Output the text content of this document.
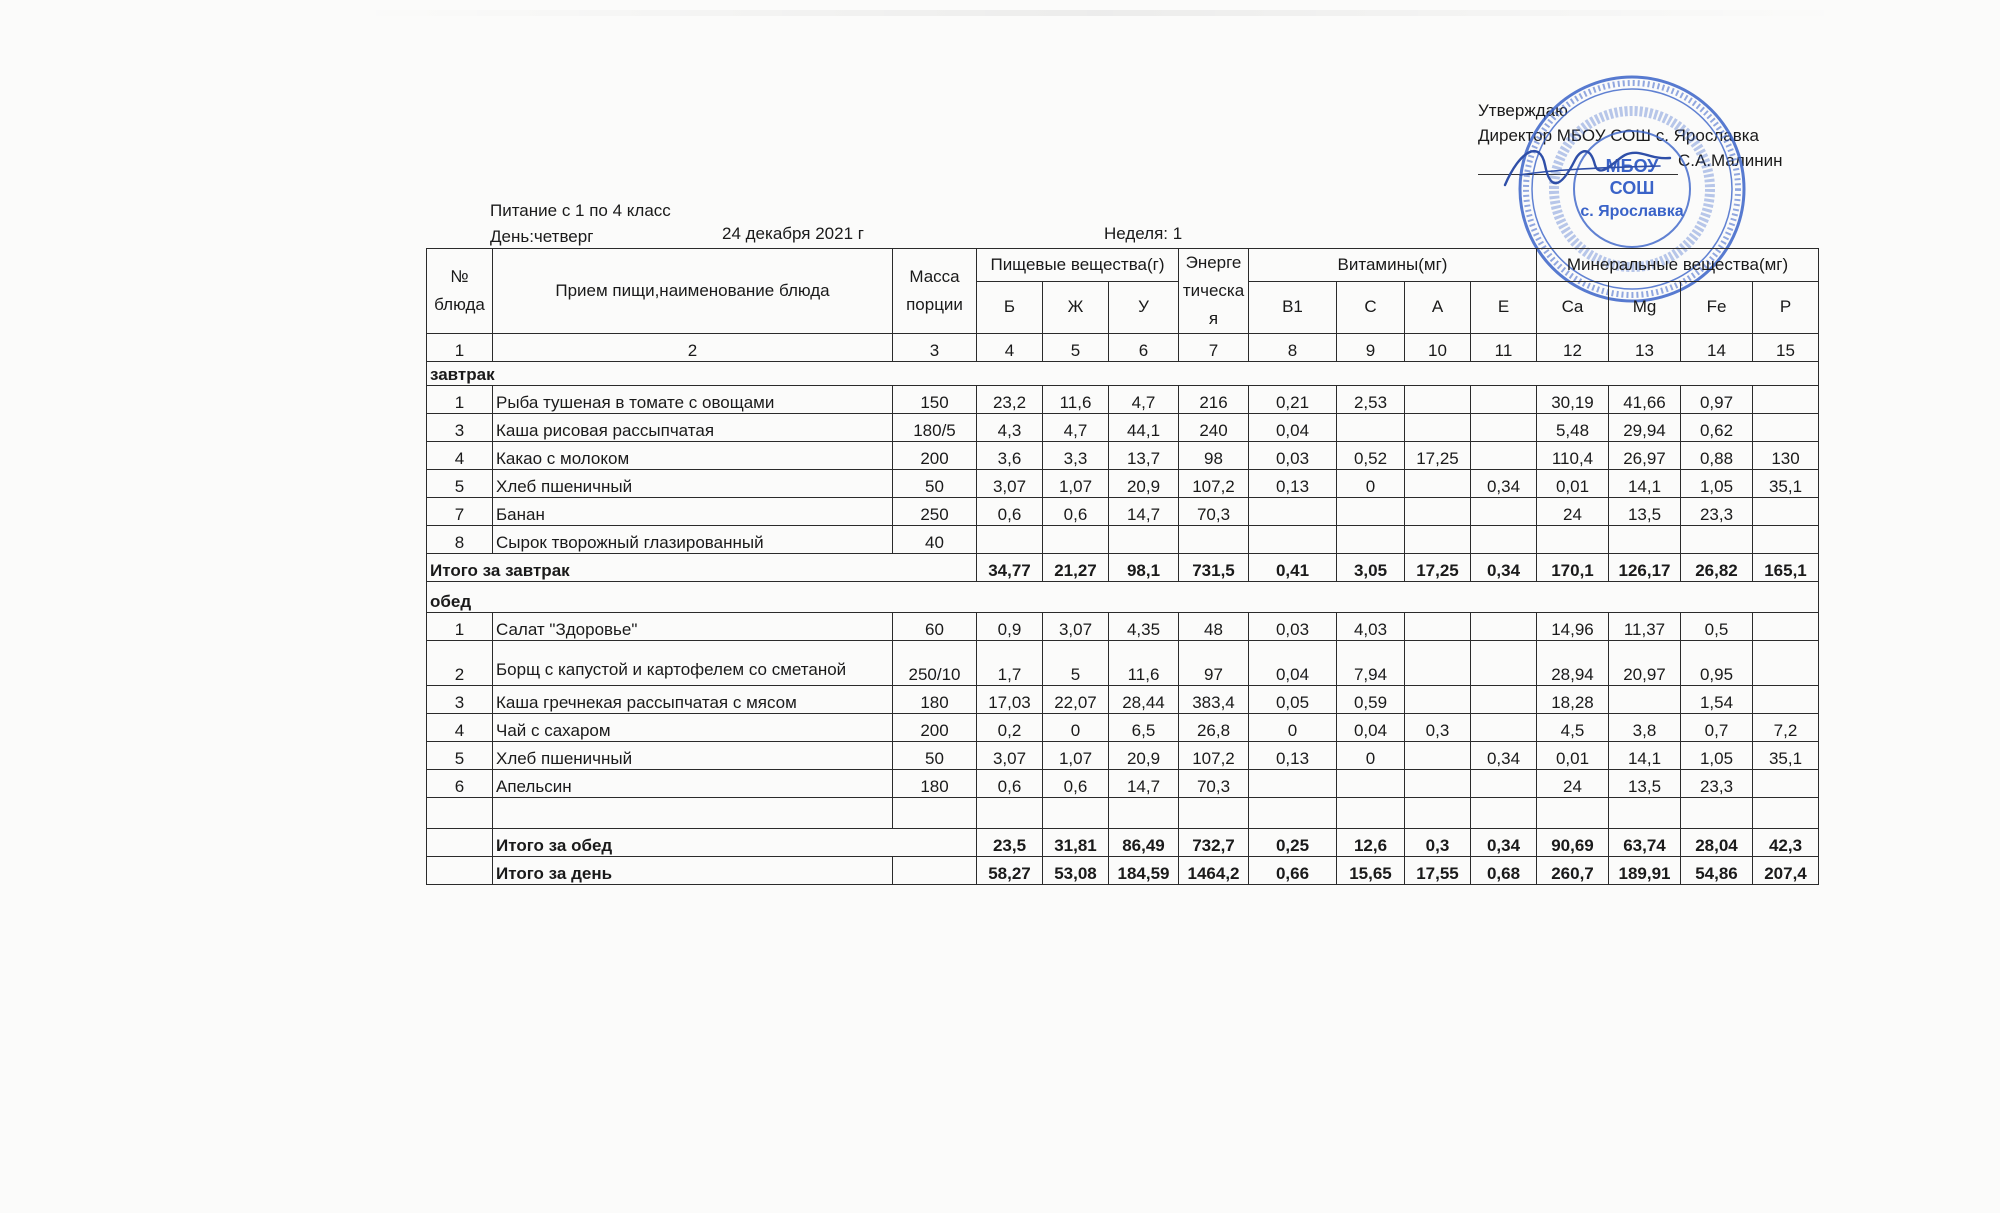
Утверждаю
Директор МБОУ СОШ с. Ярославка
С.А.Малинин
МБОУ
СОШ
с. Ярославка
Питание с 1 по 4 класс
День:четверг	24 декабря 2021 г	Неделя: 1
№ блюда	Прием пищи,наименование блюда	Масса порции	Пищевые вещества(г)			Энергетическая	Витамины(мг)				Минеральные вещества(мг)			
			Б	Ж	У		B1	C	A	E	Ca	Mg	Fe	P
1	2	3	4	5	6	7	8	9	10	11	12	13	14	15
завтрак														
1	Рыба тушеная в томате с овощами	150	23,2	11,6	4,7	216	0,21	2,53			30,19	41,66	0,97	
3	Каша рисовая рассыпчатая	180/5	4,3	4,7	44,1	240	0,04				5,48	29,94	0,62	
4	Какао с молоком	200	3,6	3,3	13,7	98	0,03	0,52	17,25		110,4	26,97	0,88	130
5	Хлеб пшеничный	50	3,07	1,07	20,9	107,2	0,13	0		0,34	0,01	14,1	1,05	35,1
7	Банан	250	0,6	0,6	14,7	70,3					24	13,5	23,3	
8	Сырок творожный глазированный	40												
Итого за завтрак			34,77	21,27	98,1	731,5	0,41	3,05	17,25	0,34	170,1	126,17	26,82	165,1
обед														
1	Салат "Здоровье"	60	0,9	3,07	4,35	48	0,03	4,03			14,96	11,37	0,5	
2	Борщ с капустой и картофелем со сметаной	250/10	1,7	5	11,6	97	0,04	7,94			28,94	20,97	0,95	
3	Каша гречнекая рассыпчатая с мясом	180	17,03	22,07	28,44	383,4	0,05	0,59			18,28		1,54	
4	Чай с сахаром	200	0,2	0	6,5	26,8	0	0,04	0,3		4,5	3,8	0,7	7,2
5	Хлеб пшеничный	50	3,07	1,07	20,9	107,2	0,13	0		0,34	0,01	14,1	1,05	35,1
6	Апельсин	180	0,6	0,6	14,7	70,3					24	13,5	23,3	

	Итого за обед		23,5	31,81	86,49	732,7	0,25	12,6	0,3	0,34	90,69	63,74	28,04	42,3
	Итого за день		58,27	53,08	184,59	1464,2	0,66	15,65	17,55	0,68	260,7	189,91	54,86	207,4
